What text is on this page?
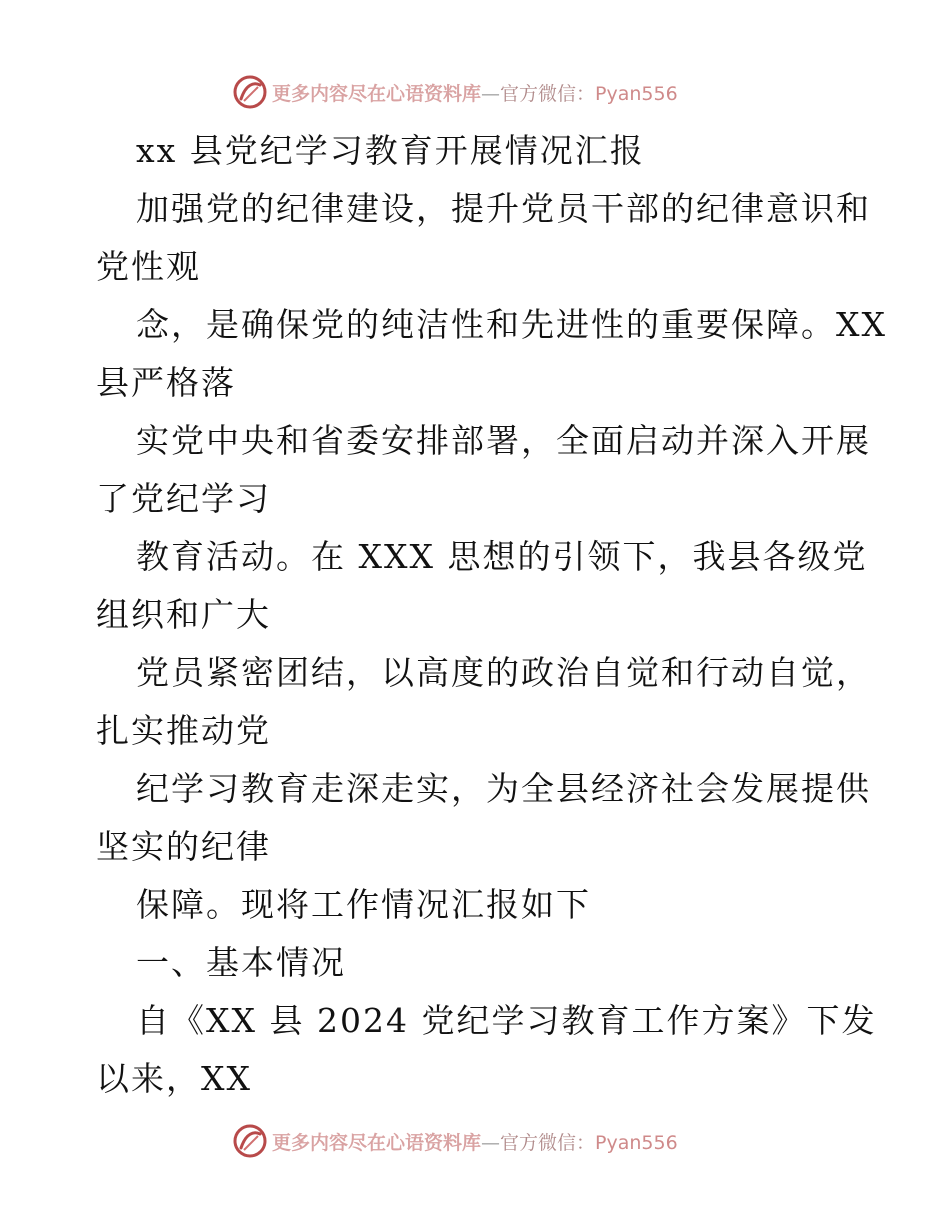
更多内容尽在心语资料库—官方微信：Pyan556
xx 县党纪学习教育开展情况汇报
加强党的纪律建设，提升党员干部的纪律意识和
党性观
念，是确保党的纯洁性和先进性的重要保障。XX
县严格落
实党中央和省委安排部署，全面启动并深入开展
了党纪学习
教育活动。在 XXX 思想的引领下，我县各级党
组织和广大
党员紧密团结，以高度的政治自觉和行动自觉，
扎实推动党
纪学习教育走深走实，为全县经济社会发展提供
坚实的纪律
保障。现将工作情况汇报如下
一、基本情况
自《XX 县 2024 党纪学习教育工作方案》下发
以来，XX
更多内容尽在心语资料库—官方微信：Pyan556
